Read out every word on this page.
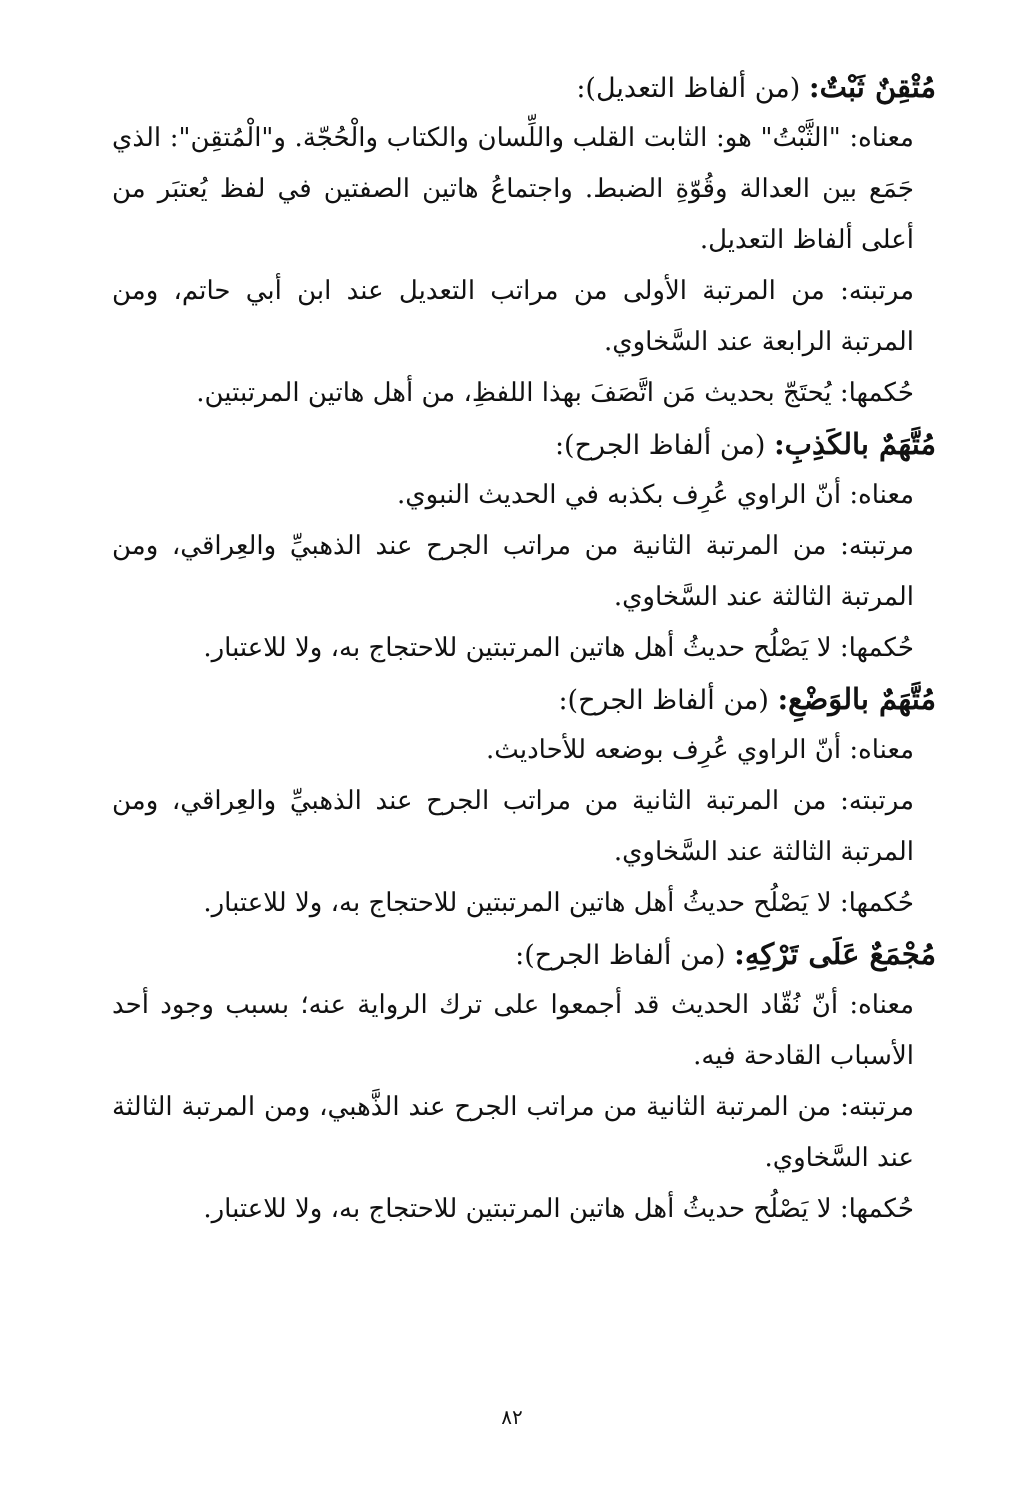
مُتْقِنٌ ثَبْتٌ: (من ألفاظ التعديل):

معناه: "الثَّبْتُ" هو: الثابت القلب واللِّسان والكتاب والْحُجّة. و"الْمُتقِن": الذي جَمَع بين العدالة وقُوّةِ الضبط. واجتماعُ هاتين الصفتين في لفظ يُعتبَر من أعلى ألفاظ التعديل.

مرتبته: من المرتبة الأولى من مراتب التعديل عند ابن أبي حاتم، ومن المرتبة الرابعة عند السَّخاوي.

حُكمها: يُحتَجّ بحديث مَن اتَّصَفَ بهذا اللفظِ، من أهل هاتين المرتبتين.

مُتَّهَمٌ بالكَذِبِ: (من ألفاظ الجرح):

معناه: أنّ الراوي عُرِف بكذبه في الحديث النبوي.

مرتبته: من المرتبة الثانية من مراتب الجرح عند الذهبيِّ والعِراقي، ومن المرتبة الثالثة عند السَّخاوي.

حُكمها: لا يَصْلُح حديثُ أهل هاتين المرتبتين للاحتجاج به، ولا للاعتبار.

مُتَّهَمٌ بالوَضْعِ: (من ألفاظ الجرح):

معناه: أنّ الراوي عُرِف بوضعه للأحاديث.

مرتبته: من المرتبة الثانية من مراتب الجرح عند الذهبيِّ والعِراقي، ومن المرتبة الثالثة عند السَّخاوي.

حُكمها: لا يَصْلُح حديثُ أهل هاتين المرتبتين للاحتجاج به، ولا للاعتبار.

مُجْمَعٌ عَلَى تَرْكِهِ: (من ألفاظ الجرح):

معناه: أنّ نُقّاد الحديث قد أجمعوا على ترك الرواية عنه؛ بسبب وجود أحد الأسباب القادحة فيه.

مرتبته: من المرتبة الثانية من مراتب الجرح عند الذَّهبي، ومن المرتبة الثالثة عند السَّخاوي.

حُكمها: لا يَصْلُح حديثُ أهل هاتين المرتبتين للاحتجاج به، ولا للاعتبار.

٨٢
